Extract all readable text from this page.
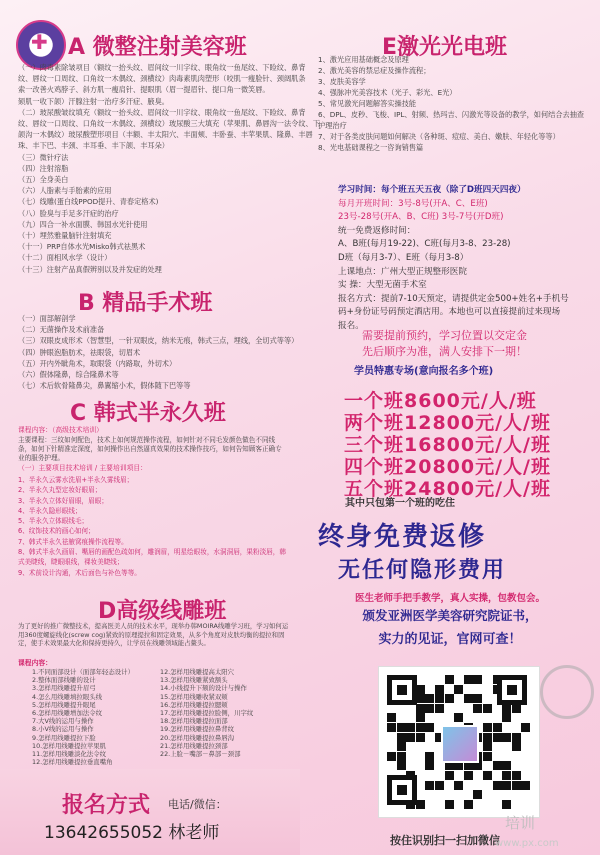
✚
A 微整注射美容班
（一）肉毒素除皱项目（额纹一抬头纹、眉间纹一川字纹、眼角纹一鱼尾纹、下睑纹、鼻背
纹、唇纹一口周纹、口角纹一木偶纹、颈横纹）肉毒素肌肉塑形（咬肌一瘦脸针、颈阔肌条
索一改善火鸡脖子、斜方肌一瘦肩针、提眼肌（眉一提眉针、提口角一微笑唇。
颏肌一收下颌）汗腺注射一治疗多汗症、腋臭。
（二）玻尿酸皱纹填充（额纹一抬头纹、眉间纹一川字纹、眼角纹一鱼尾纹、下睑纹、鼻背
纹、唇纹一口周纹、口角纹一木偶纹、颈横纹）玻尿酸三大填充（苹果肌、鼻唇沟一法令纹、下
颌沟一木偶纹）玻尿酸塑形项目（丰额、丰太阳穴、丰面颊、丰卧蚕、丰苹果肌、隆鼻、丰唇
珠、丰下巴、丰颈、丰耳垂、丰下颌、丰耳朵）
（三）微针疗法
（四）注射溶脂
（五）全身美白
（六）人脂素与手胎素的应用
（七）线雕(蛋白线PPOD提升、青春定格术)
（八）脸臭与手足多汗症的治疗
（九）四合一补水面膜、韩国水光针使用
（十）埋然雅量脑针注射填充
（十一）PRP自体水光Misko韩式祛黑术
（十二）面相风水学（设计）
（十三）注射产品真假辨别以及并发症的处理
B 精品手术班
（一）面部解剖学
（二）无菌操作及术前准备
（三）双眼皮成形术（智慧型，一针双眼皮，纳米无痕，韩式三点，埋线，全切式等等）
（四）肿眼泡脂肪术，祛眼袋，切眉术
（五）开内外眦角术，取眼袋（内路取，外切术）
（六）假体隆鼻，综合隆鼻术等
（七）术后软骨隆鼻尖，鼻翼缩小术，假体随下巴等等
C 韩式半永久班
课程内容：（高级技术培训）
主要课程：三纹如何配色，技术上如何规范操作流程，如何针对不同毛发颜色做色不同线条，如何下针精准定深度，如何操作出自然逼真效果的技术操作技巧，如何告知顾客正确专业的服务护理。
（一）主要项目技术培训 / 主要培训项目：
1、半永久云雾水洗眉+半永久雾线眉；
2、半永久丸型定妆好眼眉；
3、半永久立体好眉眼，眉眼；
4、半永久隐形眼线；
5、半永久立体眼线毛；
6、纹饰技术的画心如何；
7、韩式半永久祛腋窝痕操作流程等。
8、韩式半永久画眉、嘴唇的画配色疏如何，雕润眉，明星绘眼妆，水洞洞唇，果粉淡唇，韩式美睫线，睫眼眼线，裸妆美睫线；
9、术前设计沟通，术后面色与补色等等。
D高级线雕班
为了更好的推广微整技术，提高医美人员的技术水平，现举办韩MOIRA线雕学习班，学习如何运用360度螺旋线化(screw cog)紧致的原理提拉和固定效果，从多个角度对皮肤均衡的提拉和固定，使手术效果最大化和保持更持久，让学员在线雕领域能占鳌头。
课程内容：
1.不同面部设计（面部年轻态设计）
2.整体面部线雕的设计
3.怎样用线雕提升眉弓
4.怎么用线雕填拉眼头线
5.怎样用线雕提升眼尾
6.怎样用线雕增加法令纹
7.大V线的运用与操作
8.小V线的运用与操作
9.怎样用线雕提拉下脸
10.怎样用线雕提拉苹果肌
11.怎样用线雕淡化法令纹
12.怎样用线雕提拉垂直嘴角
12.怎样用线雕提高太阳穴
13.怎样用线雕紧致额头
14.小线提升下颏的设计与操作
15.怎样用线雕收紧双颊
16.怎样用线雕提拉腮颊
17.怎样用线雕提拉脸侧，川字纹
18.怎样用线雕提拉面部
19.怎样用线雕提拉鼻背纹
20.怎样用线雕提拉鼻唇沟
21.怎样用线雕提拉颈部
22.上脸－嘴部－鼻部－颈部
报名方式 电话/微信：
13642655052 林老师
E激光光电班
1、激光应用基础概念及原理
2、激光美容的禁忌症及操作流程；
3、皮肤美容学
4、强脉冲光美容技术（光子、彩光、E光）
5、常见激光问题解答实操技能
6、DPL、皮秒、飞梭、IPL、射频、热玛吉、闪激光等设备的教学，如何结合去抽查护理治疗
7、对于各类皮肤问题如何解决（各种斑、痘痘、美白、嫩肤、年轻化等等）
8、光电基础课程之一咨询销售篇
学习时间：每个班五天五夜（除了D班四天四夜）
每月开班时间：3号-8号(开A、C、E班)
23号-28号(开A、B、C班) 3号-7号(开D班)
统一免费返修时间：
A、B班(每月19-22)、C班(每月3-8、23-28)
D班（每月3-7）、E班（每月3-8）
上课地点：广州大型正规整形医院
实 操：大型无菌手术室
报名方式：提前7-10天预定，请提供定金500+姓名+手机号
码+身份证号码预定酒店用。本地也可以直接提前过来现场
报名。
需要提前预约，学习位置以交定金
先后顺序为准，满人安排下一期！
学员特惠专场(意向报名多个班)
一个班8600元/人/班
两个班12800元/人/班
三个班16800元/人/班
四个班20800元/人/班
五个班24800元/人/班
其中只包第一个班的吃住
终身免费返修
无任何隐形费用
医生老师手把手教学，真人实操，包教包会。
颁发亚洲医学美容研究院证书，
实力的见证，官网可查！
按住识别扫一扫加微信
培训
www.px.com
